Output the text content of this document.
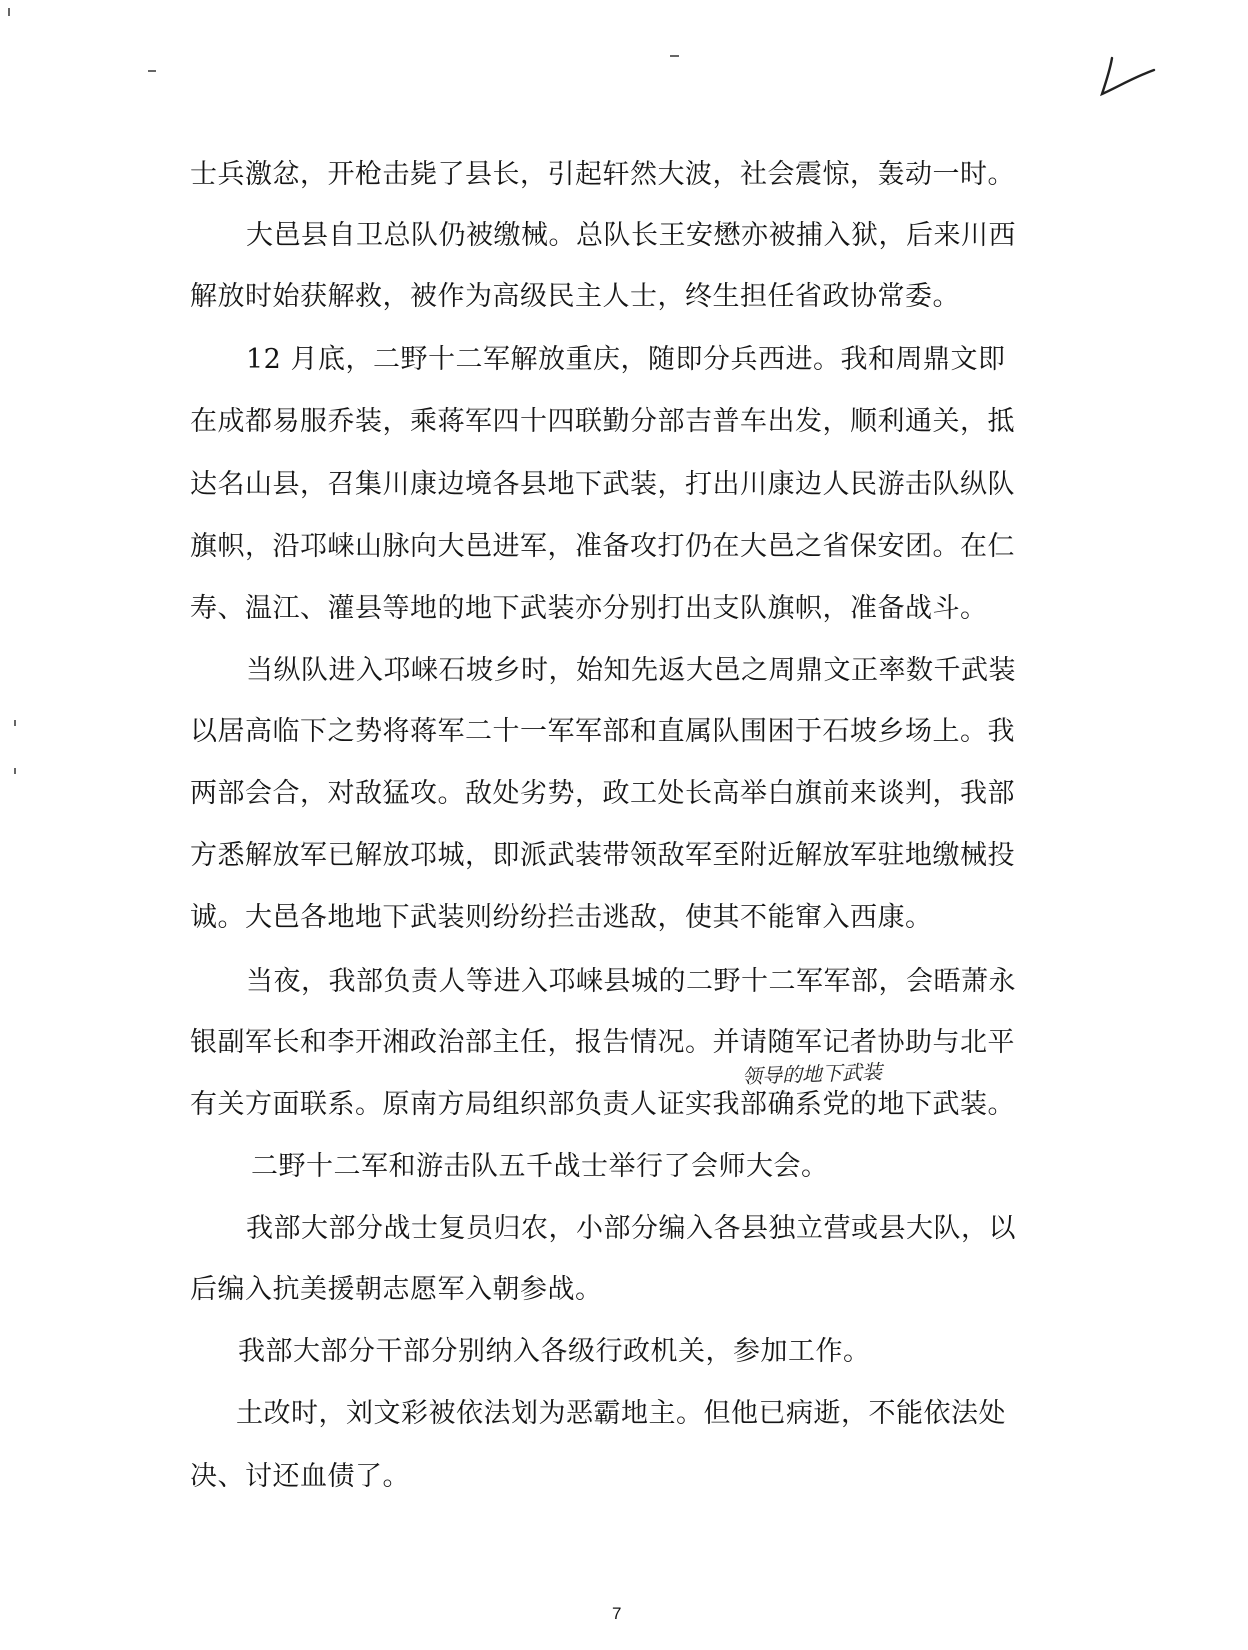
士兵激忿，开枪击毙了县长，引起轩然大波，社会震惊，轰动一时。
大邑县自卫总队仍被缴械。总队长王安懋亦被捕入狱，后来川西
解放时始获解救，被作为高级民主人士，终生担任省政协常委。
12 月底，二野十二军解放重庆，随即分兵西进。我和周鼎文即
在成都易服乔装，乘蒋军四十四联勤分部吉普车出发，顺利通关，抵
达名山县，召集川康边境各县地下武装，打出川康边人民游击队纵队
旗帜，沿邛崃山脉向大邑进军，准备攻打仍在大邑之省保安团。在仁
寿、温江、灌县等地的地下武装亦分别打出支队旗帜，准备战斗。
当纵队进入邛崃石坡乡时，始知先返大邑之周鼎文正率数千武装
以居高临下之势将蒋军二十一军军部和直属队围困于石坡乡场上。我
两部会合，对敌猛攻。敌处劣势，政工处长高举白旗前来谈判，我部
方悉解放军已解放邛城，即派武装带领敌军至附近解放军驻地缴械投
诚。大邑各地地下武装则纷纷拦击逃敌，使其不能窜入西康。
当夜，我部负责人等进入邛崃县城的二野十二军军部，会晤萧永
银副军长和李开湘政治部主任，报告情况。并请随军记者协助与北平
领导的地下武装
有关方面联系。原南方局组织部负责人证实我部确系党的地下武装。
二野十二军和游击队五千战士举行了会师大会。
我部大部分战士复员归农，小部分编入各县独立营或县大队，以
后编入抗美援朝志愿军入朝参战。
我部大部分干部分别纳入各级行政机关，参加工作。
土改时，刘文彩被依法划为恶霸地主。但他已病逝，不能依法处
决、讨还血债了。
7
